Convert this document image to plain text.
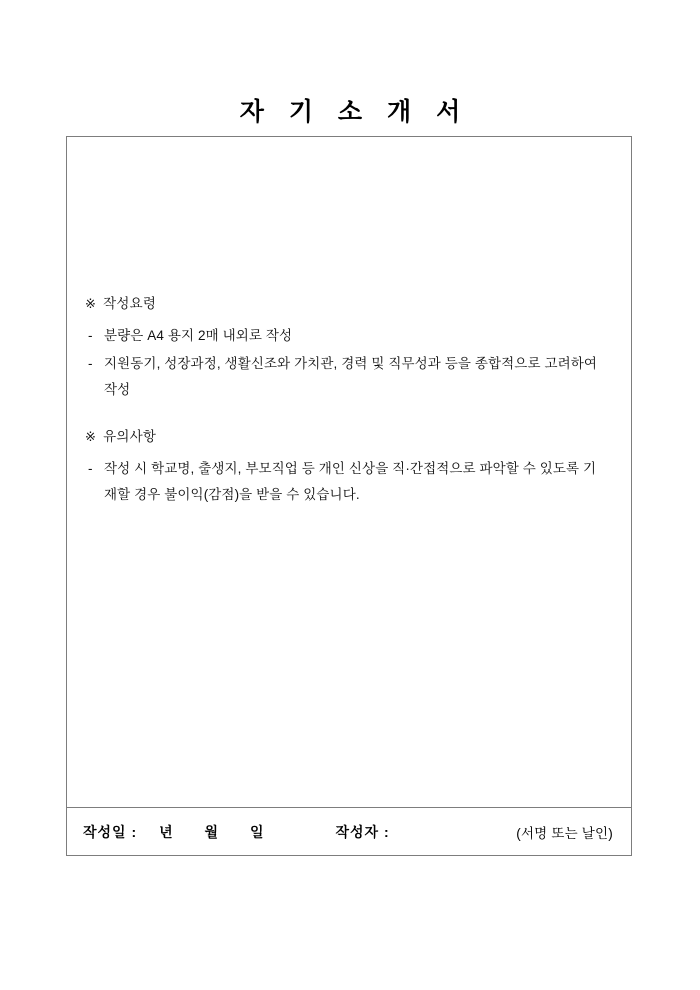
자 기 소 개 서
※ 작성요령
- 분량은 A4 용지 2매 내외로 작성
- 지원동기, 성장과정, 생활신조와 가치관, 경력 및 직무성과 등을 종합적으로 고려하여 작성
※ 유의사항
- 작성 시 학교명, 출생지, 부모직업 등 개인 신상을 직·간접적으로 파악할 수 있도록 기재할 경우 불이익(감점)을 받을 수 있습니다.
작성일 : 년 월 일	작성자 :	(서명 또는 날인)
